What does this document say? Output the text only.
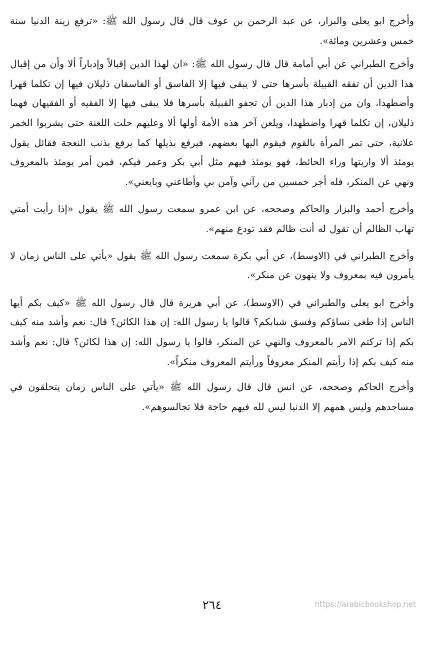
وأخرج ابو يعلى والبزار، عن عبد الرحمن بن عوف قال قال رسول الله ﷺ: «ترفع زينة الدنيا سنة خمس وعشرين ومائة».

وأخرج الطبراني عن أبي أمامة قال قال رسول الله ﷺ: «ان لهذا الدين إقبالاً وإدباراً ألا وأن من إقبال هذا الدين أن تفقه القبيلة بأسرها حتى لا يبقى فيها إلا الفاسق أو الفاسقان ذليلان فيها إن تكلما قهرا وأضطهدا، وان من إدبار هذا الدين أن تجفو القبيلة بأسرها فلا يبقى فيها إلا الفقيه أو الفقيهان فهما ذليلان، إن تكلما قهرا واضطهدا، ويلعن آخر هذه الأمة أولها ألا وعليهم حلت اللعنة حتى يشربوا الخمر علانية، حتى تمر المرأة بالقوم فيقوم اليها بعضهم، فيرفع بذيلها كما يرفع بذنب النعجة فقائل يقول يومئذ ألا واريتها وراء الحائط، فهو يومئذ فيهم مثل أبي بكر وعمر فيكم، فمن أمر يومئذ بالمعروف ونهي عن المنكر، فله أجر خمسين من رآني وآمن بي وأطاعني وبايعني».

وأخرج أحمد والبزار والحاكم وصححه، عن ابن عمرو سمعت رسول الله ﷺ يقول «إذا رأيت أمتي تهاب الظالم أن تقول له أنت ظالم فقد تودع منهم».

وأخرج الطبراني في (الاوسط)، عن أبي بكرة سمعت رسول الله ﷺ يقول «يأتي على الناس زمان لا يأمرون فيه بمعروف ولا ينهون عن منكر».

وأخرج ابو يعلى والطبراني في (الاوسط)، عن أبي هريرة قال قال رسول الله ﷺ «كيف بكم أيها الناس إذا طغى نساؤكم وفسق شبابكم؟ قالوا يا رسول الله: إن هذا الكائن؟ قال: نعم وأشد منه كيف بكم إذا تركتم الامر بالمعروف والنهي عن المنكر، قالوا يا رسول الله: إن هذا لكائن؟ قال: نعم وأشد منه كيف بكم إذا رأيتم المنكر معروفاً ورأيتم المعروف منكراً».

وأخرج الحاكم وصححه، عن انس قال قال رسول الله ﷺ «يأتي على الناس زمان يتحلقون في مساجدهم وليس همهم إلا الدنيا ليس لله فيهم حاجة فلا تجالسوهم».

٢٦٤	https://arabicbookshop.net
